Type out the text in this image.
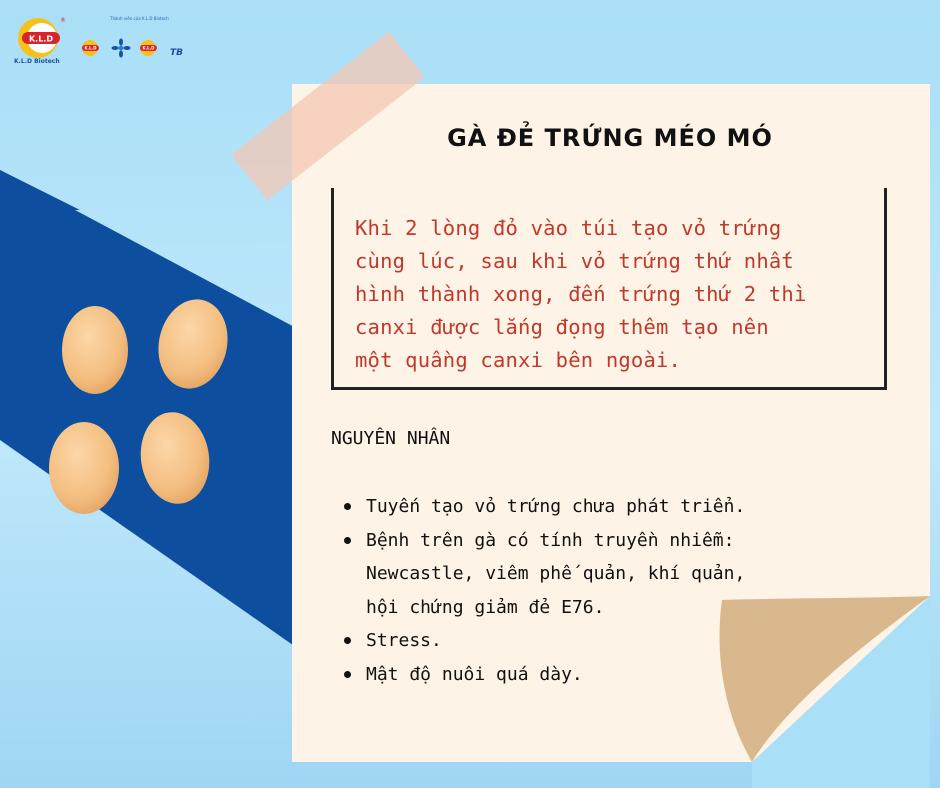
K.L.D
®
K.L.D Biotech
Thành viên của K.L.D Biotech
K.L.D	K.L.D TB
GÀ ĐẺ TRỨNG MÉO MÓ
Khi 2 lòng đỏ vào túi tạo vỏ trứng
cùng lúc, sau khi vỏ trứng thứ nhất
hình thành xong, đến trứng thứ 2 thì
canxi được lắng đọng thêm tạo nên
một quầng canxi bên ngoài.
NGUYÊN NHÂN
Tuyến tạo vỏ trứng chưa phát triển.
Bệnh trên gà có tính truyền nhiễm:
Newcastle, viêm phế quản, khí quản,
hội chứng giảm đẻ E76.
Stress.
Mật độ nuôi quá dày.
